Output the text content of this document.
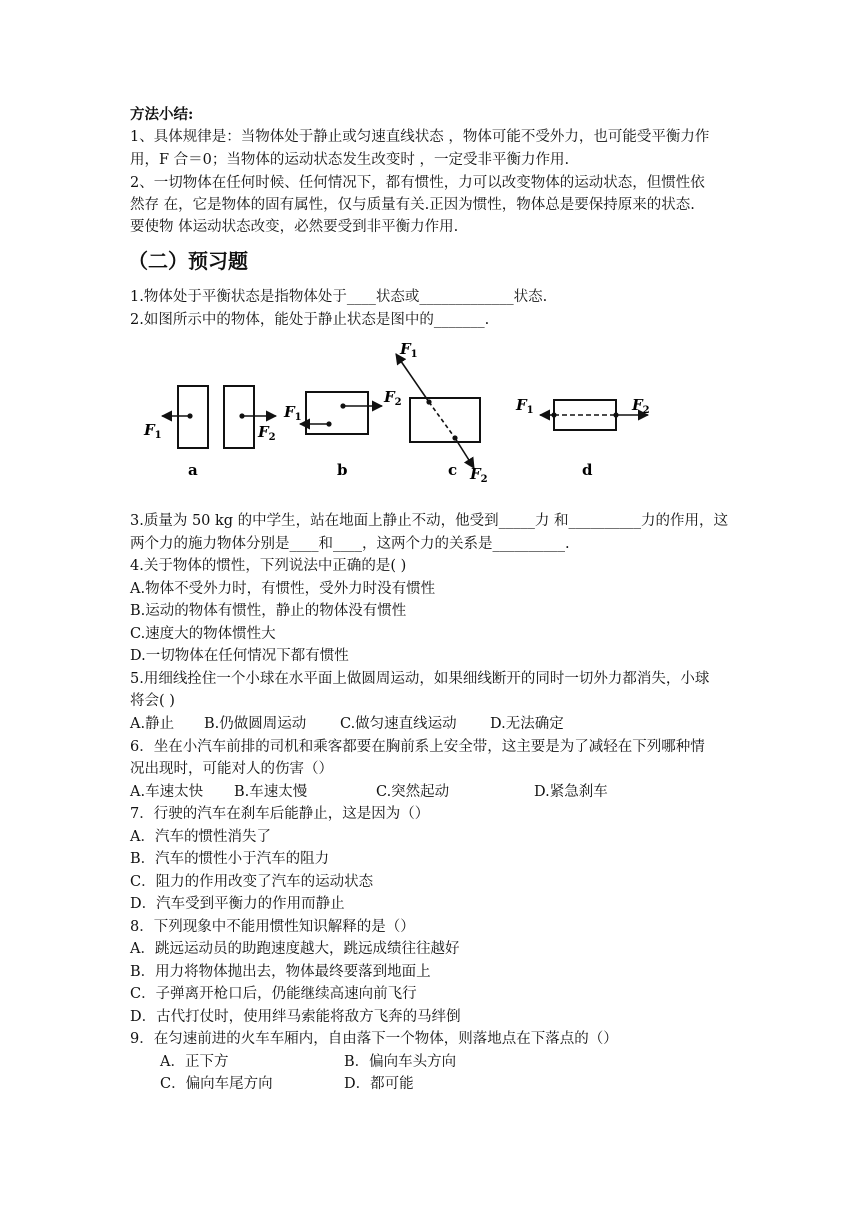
方法小结:
1、具体规律是：当物体处于静止或匀速直线状态 ，物体可能不受外力，也可能受平衡力作
用，F 合＝0；当物体的运动状态发生改变时 ，一定受非平衡力作用.
2、一切物体在任何时候、任何情况下，都有惯性，力可以改变物体的运动状态，但惯性依
然存 在，它是物体的固有属性，仅与质量有关.正因为惯性，物体总是要保持原来的状态.
要使物 体运动状态改变，必然要受到非平衡力作用.
（二）预习题
1.物体处于平衡状态是指物体处于____状态或_____________状态.
2.如图所示中的物体，能处于静止状态是图中的_______.
$F_1$	$F_2$
a
$F_1$
$F_2$
b
$F_1$
$F_2$
c
$F_1$	$F_2$
d
3.质量为 50 kg 的中学生，站在地面上静止不动，他受到_____力 和__________力的作用，这
两个力的施力物体分别是____和____，这两个力的关系是__________.
4.关于物体的惯性，下列说法中正确的是( )
A.物体不受外力时，有惯性，受外力时没有惯性
B.运动的物体有惯性，静止的物体没有惯性
C.速度大的物体惯性大
D.一切物体在任何情况下都有惯性
5.用细线拴住一个小球在水平面上做圆周运动，如果细线断开的同时一切外力都消失，小球
将会( )
A.静止 B.仍做圆周运动 C.做匀速直线运动 D.无法确定
6．坐在小汽车前排的司机和乘客都要在胸前系上安全带，这主要是为了减轻在下列哪种情
况出现时，可能对人的伤害（）
A.车速太快 B.车速太慢	C.突然起动	D.紧急刹车
7．行驶的汽车在刹车后能静止，这是因为（）
A．汽车的惯性消失了
B．汽车的惯性小于汽车的阻力
C．阻力的作用改变了汽车的运动状态
D．汽车受到平衡力的作用而静止
8．下列现象中不能用惯性知识解释的是（）
A．跳远运动员的助跑速度越大，跳远成绩往往越好
B．用力将物体抛出去，物体最终要落到地面上
C．子弹离开枪口后，仍能继续高速向前飞行
D．古代打仗时，使用绊马索能将敌方飞奔的马绊倒
9．在匀速前进的火车车厢内，自由落下一个物体，则落地点在下落点的（）
A．正下方	B．偏向车头方向
C．偏向车尾方向	D．都可能
